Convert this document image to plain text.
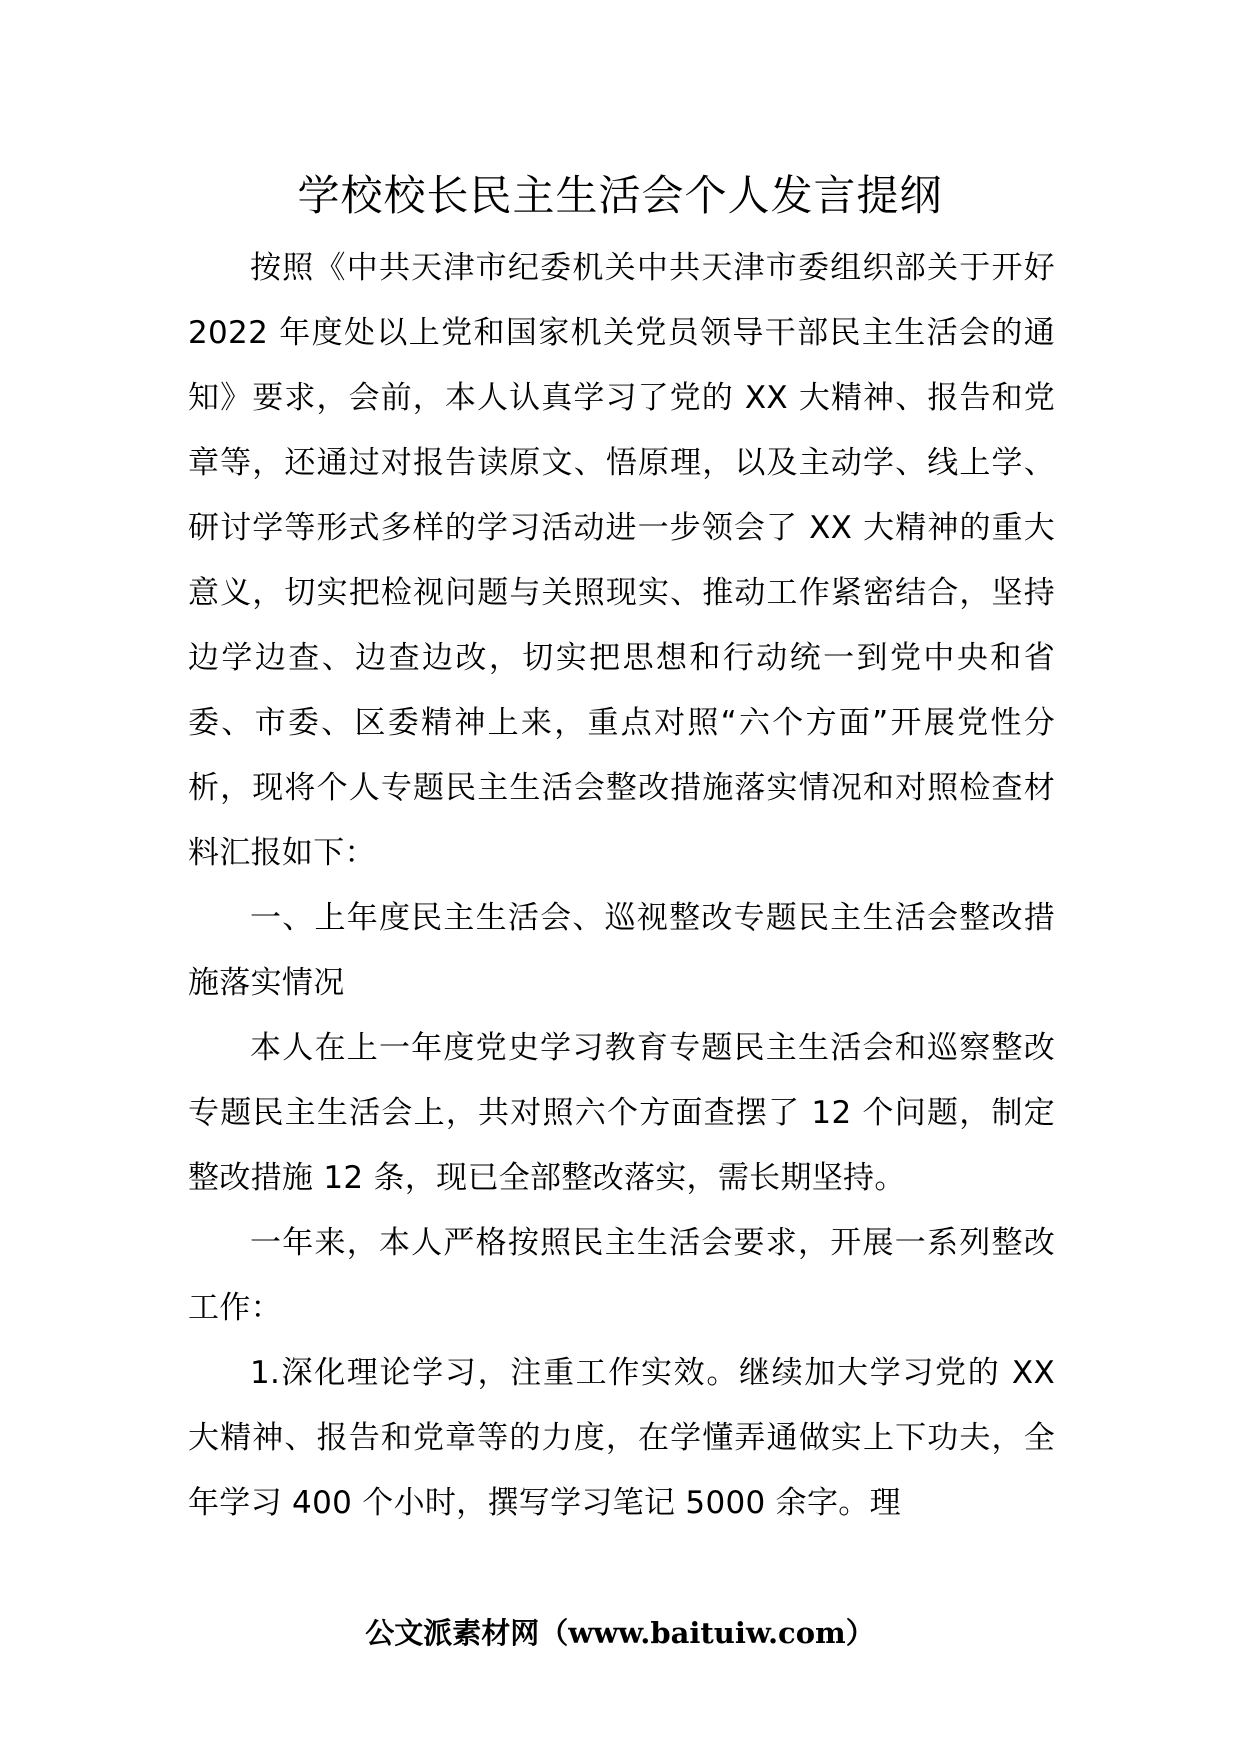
学校校长民主生活会个人发言提纲

按照《中共天津市纪委机关中共天津市委组织部关于开好 2022 年度处以上党和国家机关党员领导干部民主生活会的通知》要求，会前，本人认真学习了党的 XX 大精神、报告和党章等，还通过对报告读原文、悟原理，以及主动学、线上学、研讨学等形式多样的学习活动进一步领会了 XX 大精神的重大意义，切实把检视问题与关照现实、推动工作紧密结合，坚持边学边查、边查边改，切实把思想和行动统一到党中央和省委、市委、区委精神上来，重点对照“六个方面”开展党性分析，现将个人专题民主生活会整改措施落实情况和对照检查材料汇报如下：

一、上年度民主生活会、巡视整改专题民主生活会整改措施落实情况

本人在上一年度党史学习教育专题民主生活会和巡察整改专题民主生活会上，共对照六个方面查摆了 12 个问题，制定整改措施 12 条，现已全部整改落实，需长期坚持。

一年来，本人严格按照民主生活会要求，开展一系列整改工作：

1.深化理论学习，注重工作实效。继续加大学习党的 XX 大精神、报告和党章等的力度，在学懂弄通做实上下功夫，全年学习 400 个小时，撰写学习笔记 5000 余字。理

公文派素材网（www.baituiw.com）
